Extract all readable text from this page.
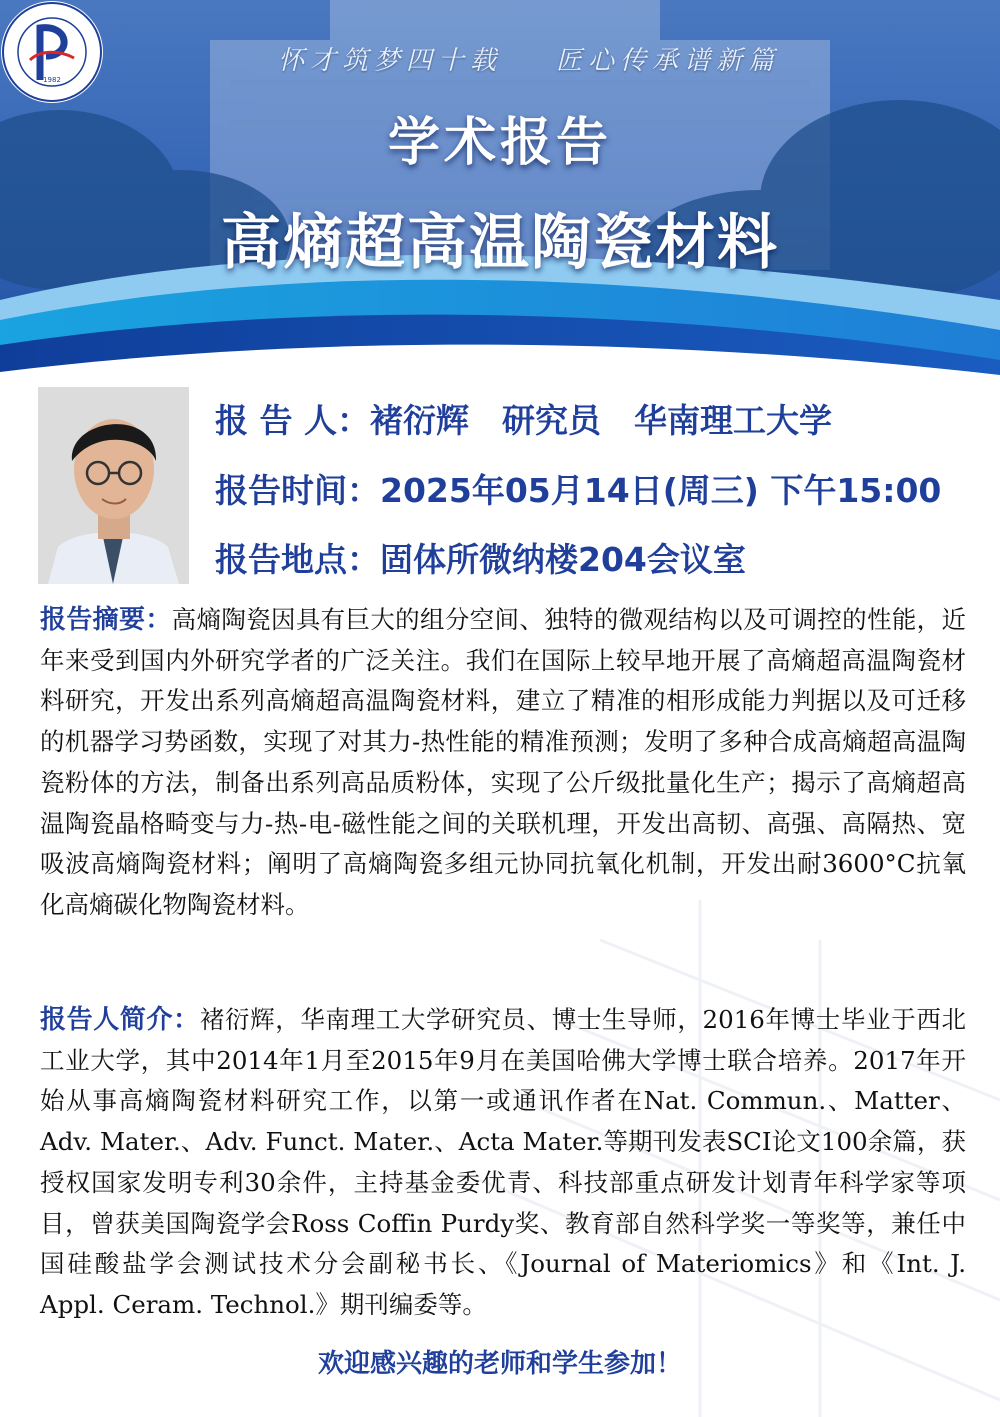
1982
怀才筑梦四十载 匠心传承谱新篇
学术报告
高熵超高温陶瓷材料
报 告 人：褚衍辉　研究员　华南理工大学
报告时间：2025年05月14日(周三) 下午15:00
报告地点：固体所微纳楼204会议室
报告摘要：高熵陶瓷因具有巨大的组分空间、独特的微观结构以及可调控的性能，近年来受到国内外研究学者的广泛关注。我们在国际上较早地开展了高熵超高温陶瓷材料研究，开发出系列高熵超高温陶瓷材料，建立了精准的相形成能力判据以及可迁移的机器学习势函数，实现了对其力-热性能的精准预测；发明了多种合成高熵超高温陶瓷粉体的方法，制备出系列高品质粉体，实现了公斤级批量化生产；揭示了高熵超高温陶瓷晶格畸变与力-热-电-磁性能之间的关联机理，开发出高韧、高强、高隔热、宽吸波高熵陶瓷材料；阐明了高熵陶瓷多组元协同抗氧化机制，开发出耐3600°C抗氧化高熵碳化物陶瓷材料。
报告人简介：褚衍辉，华南理工大学研究员、博士生导师，2016年博士毕业于西北工业大学，其中2014年1月至2015年9月在美国哈佛大学博士联合培养。2017年开始从事高熵陶瓷材料研究工作，以第一或通讯作者在Nat. Commun.、Matter、Adv. Mater.、Adv. Funct. Mater.、Acta Mater.等期刊发表SCI论文100余篇，获授权国家发明专利30余件，主持基金委优青、科技部重点研发计划青年科学家等项目，曾获美国陶瓷学会Ross Coffin Purdy奖、教育部自然科学奖一等奖等，兼任中国硅酸盐学会测试技术分会副秘书长、《Journal of Materiomics》和《Int. J. Appl. Ceram. Technol.》期刊编委等。
欢迎感兴趣的老师和学生参加！
